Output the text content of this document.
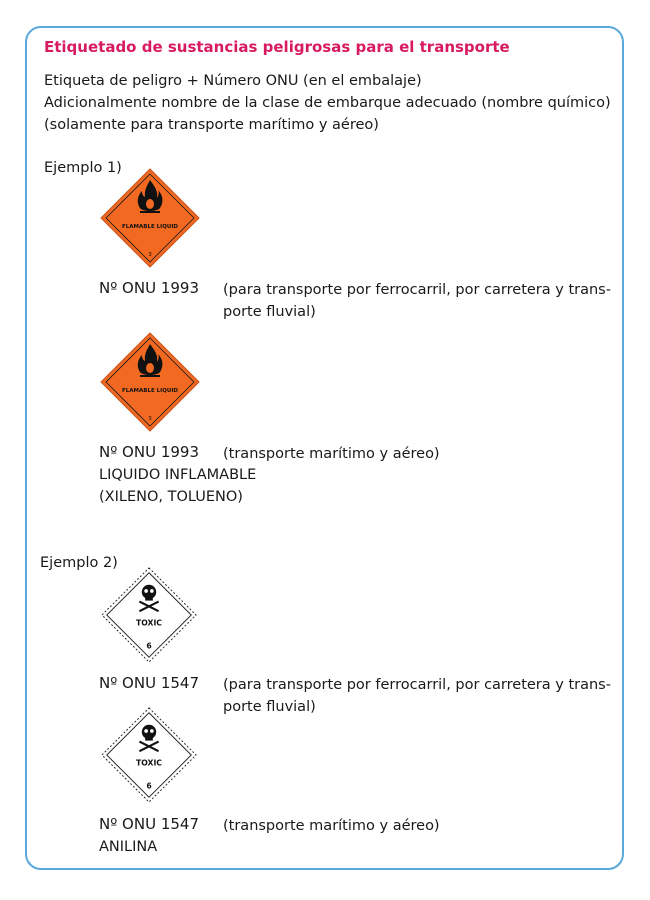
Etiquetado de sustancias peligrosas para el transporte
Etiqueta de peligro + Número ONU (en el embalaje)
Adicionalmente nombre de la clase de embarque adecuado (nombre químico)
(solamente para transporte marítimo y aéreo)
Ejemplo 1)
FLAMABLE LIQUID
3
Nº ONU 1993 (para transporte por ferrocarril, por carretera y trans-
porte fluvial)
FLAMABLE LIQUID
3
Nº ONU 1993 (transporte marítimo y aéreo)
LIQUIDO INFLAMABLE
(XILENO, TOLUENO)
Ejemplo 2)
TOXIC
6
Nº ONU 1547 (para transporte por ferrocarril, por carretera y trans-
porte fluvial)
TOXIC
6
Nº ONU 1547 (transporte marítimo y aéreo)
ANILINA
